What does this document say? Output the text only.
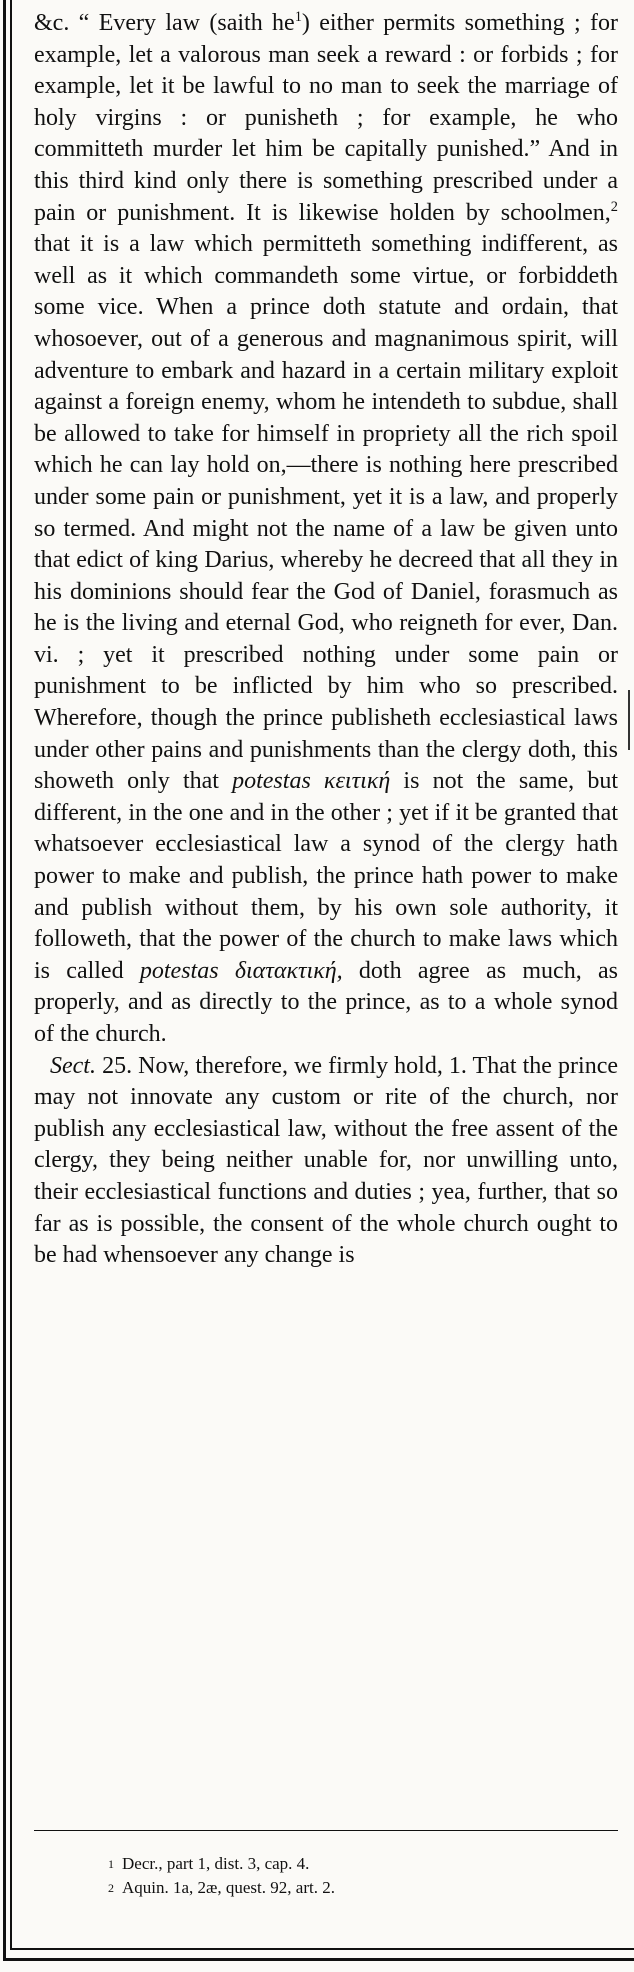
&c. “ Every law (saith $he^1$) either permits something ; for example, let a valorous man seek a reward : or forbids ; for example, let it be lawful to no man to seek the marriage of holy virgins : or punisheth ; for example, he who committeth murder let him be capitally punished.” And in this third kind only there is something prescribed under a pain or punishment. It is likewise holden by schoolmen,$^2$ that it is a law which permitteth something indifferent, as well as it which commandeth some virtue, or forbiddeth some vice. When a prince doth statute and ordain, that whosoever, out of a generous and magnanimous spirit, will adventure to embark and hazard in a certain military exploit against a foreign enemy, whom he intendeth to subdue, shall be allowed to take for himself in propriety all the rich spoil which he can lay hold on,—there is nothing here prescribed under some pain or punishment, yet it is a law, and properly so termed. And might not the name of a law be given unto that edict of king Darius, whereby he decreed that all they in his dominions should fear the God of Daniel, forasmuch as he is the living and eternal God, who reigneth for ever, Dan. vi. ; yet it prescribed nothing under some pain or punishment to be inflicted by him who so prescribed. Wherefore, though the prince publisheth ecclesiastical laws under other pains and punishments than the clergy doth, this showeth only that potestas κειτική is not the same, but different, in the one and in the other ; yet if it be granted that whatsoever ecclesiastical law a synod of the clergy hath power to make and publish, the prince hath power to make and publish without them, by his own sole authority, it followeth, that the power of the church to make laws which is called potestas διατακτική, doth agree as much, as properly, and as directly to the prince, as to a whole synod of the church.

Sect. 25. Now, therefore, we firmly hold, 1. That the prince may not innovate any custom or rite of the church, nor publish any ecclesiastical law, without the free assent of the clergy, they being neither unable for, nor unwilling unto, their ecclesiastical functions and duties ; yea, further, that so far as is possible, the consent of the whole church ought to be had whensoever any change is

1 Decr., part 1, dist. 3, cap. 4.
2 Aquin. 1a, 2æ, quest. 92, art. 2.
